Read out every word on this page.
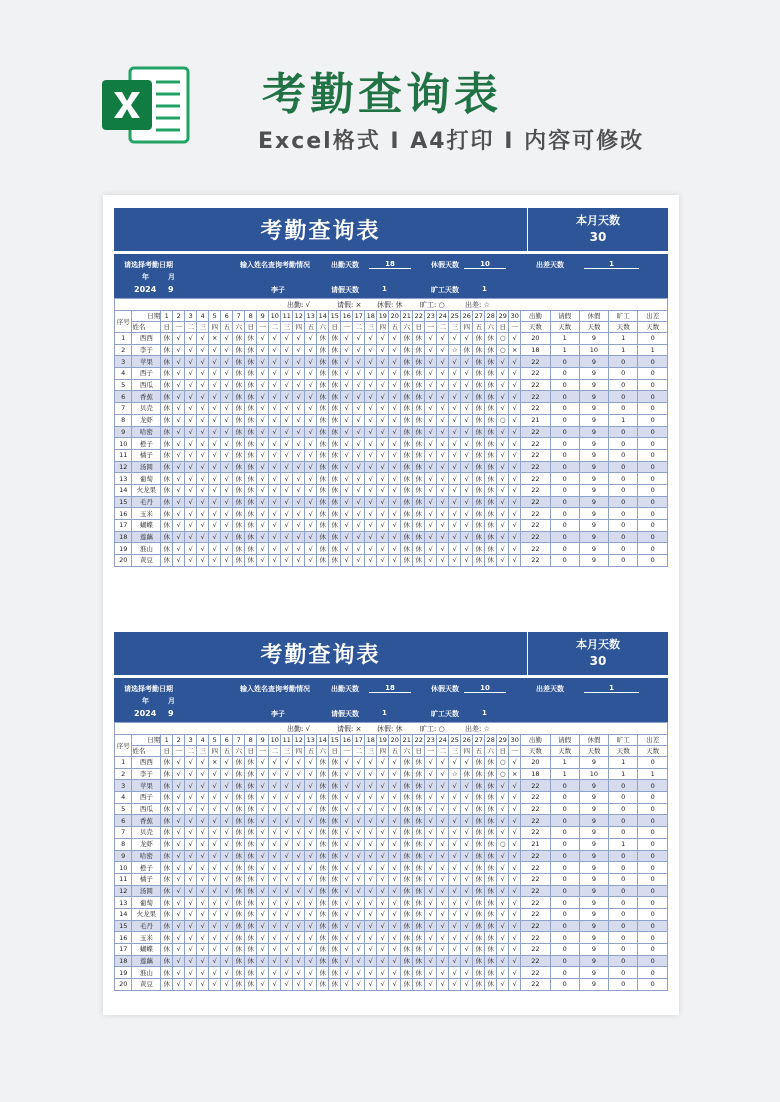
考勤查询表
Excel格式 I A4打印 I 内容可修改
考勤查询表	本月天数
30
请选择考勤日期
年	月
2024 9
输入姓名查询考勤情况
李子
出勤天数	18	休假天数	10	出差天数	1
请假天数	1	旷工天数	1
出勤: √	请假: × 休假: 休 旷工: ○	出差: ☆
序号	日期	1	2	3	4	5	6	7	8	9	10	11	12	13	14	15	16	17	18	19	20	21	22	23	24	25	26	27	28	29	30	出勤	请假	休假	旷工	出差
	姓名	日	一	二	三	四	五	六	日	一	二	三	四	五	六	日	一	二	三	四	五	六	日	一	二	三	四	五	六	日	一	天数	天数	天数	天数	天数
1	西西	休	√	√	√	×	√	休	休	√	√	√	√	√	休	休	√	√	√	√	√	休	休	√	√	√	√	休	休	○	√	20	1	9	1	0
2	李子	休	√	√	√	√	√	休	休	√	√	√	√	√	休	休	√	√	√	√	√	休	休	√	√	☆	休	休	休	○	×	18	1	10	1	1
3	苹果	休	√	√	√	√	√	休	休	√	√	√	√	√	休	休	√	√	√	√	√	休	休	√	√	√	√	休	休	√	√	22	0	9	0	0
4	西子	休	√	√	√	√	√	休	休	√	√	√	√	√	休	休	√	√	√	√	√	休	休	√	√	√	√	休	休	√	√	22	0	9	0	0
5	西瓜	休	√	√	√	√	√	休	休	√	√	√	√	√	休	休	√	√	√	√	√	休	休	√	√	√	√	休	休	√	√	22	0	9	0	0
6	香蕉	休	√	√	√	√	√	休	休	√	√	√	√	√	休	休	√	√	√	√	√	休	休	√	√	√	√	休	休	√	√	22	0	9	0	0
7	贝壳	休	√	√	√	√	√	休	休	√	√	√	√	√	休	休	√	√	√	√	√	休	休	√	√	√	√	休	休	√	√	22	0	9	0	0
8	龙虾	休	√	√	√	√	√	休	休	√	√	√	√	√	休	休	√	√	√	√	√	休	休	√	√	√	√	休	休	○	√	21	0	9	1	0
9	哈密	休	√	√	√	√	√	休	休	√	√	√	√	√	休	休	√	√	√	√	√	休	休	√	√	√	√	休	休	√	√	22	0	9	0	0
10	橙子	休	√	√	√	√	√	休	休	√	√	√	√	√	休	休	√	√	√	√	√	休	休	√	√	√	√	休	休	√	√	22	0	9	0	0
11	橘子	休	√	√	√	√	√	休	休	√	√	√	√	√	休	休	√	√	√	√	√	休	休	√	√	√	√	休	休	√	√	22	0	9	0	0
12	汤圆	休	√	√	√	√	√	休	休	√	√	√	√	√	休	休	√	√	√	√	√	休	休	√	√	√	√	休	休	√	√	22	0	9	0	0
13	葡萄	休	√	√	√	√	√	休	休	√	√	√	√	√	休	休	√	√	√	√	√	休	休	√	√	√	√	休	休	√	√	22	0	9	0	0
14	火龙果	休	√	√	√	√	√	休	休	√	√	√	√	√	休	休	√	√	√	√	√	休	休	√	√	√	√	休	休	√	√	22	0	9	0	0
15	毛丹	休	√	√	√	√	√	休	休	√	√	√	√	√	休	休	√	√	√	√	√	休	休	√	√	√	√	休	休	√	√	22	0	9	0	0
16	玉米	休	√	√	√	√	√	休	休	√	√	√	√	√	休	休	√	√	√	√	√	休	休	√	√	√	√	休	休	√	√	22	0	9	0	0
17	蝴蝶	休	√	√	√	√	√	休	休	√	√	√	√	√	休	休	√	√	√	√	√	休	休	√	√	√	√	休	休	√	√	22	0	9	0	0
18	莲藕	休	√	√	√	√	√	休	休	√	√	√	√	√	休	休	√	√	√	√	√	休	休	√	√	√	√	休	休	√	√	22	0	9	0	0
19	淮山	休	√	√	√	√	√	休	休	√	√	√	√	√	休	休	√	√	√	√	√	休	休	√	√	√	√	休	休	√	√	22	0	9	0	0
20	黄豆	休	√	√	√	√	√	休	休	√	√	√	√	√	休	休	√	√	√	√	√	休	休	√	√	√	√	休	休	√	√	22	0	9	0	0
考勤查询表	本月天数
30
请选择考勤日期
年	月
2024 9
输入姓名查询考勤情况
李子
出勤天数	18	休假天数	10	出差天数	1
请假天数	1	旷工天数	1
出勤: √	请假: × 休假: 休 旷工: ○	出差: ☆
序号	日期	1	2	3	4	5	6	7	8	9	10	11	12	13	14	15	16	17	18	19	20	21	22	23	24	25	26	27	28	29	30	出勤	请假	休假	旷工	出差
	姓名	日	一	二	三	四	五	六	日	一	二	三	四	五	六	日	一	二	三	四	五	六	日	一	二	三	四	五	六	日	一	天数	天数	天数	天数	天数
1	西西	休	√	√	√	×	√	休	休	√	√	√	√	√	休	休	√	√	√	√	√	休	休	√	√	√	√	休	休	○	√	20	1	9	1	0
2	李子	休	√	√	√	√	√	休	休	√	√	√	√	√	休	休	√	√	√	√	√	休	休	√	√	☆	休	休	休	○	×	18	1	10	1	1
3	苹果	休	√	√	√	√	√	休	休	√	√	√	√	√	休	休	√	√	√	√	√	休	休	√	√	√	√	休	休	√	√	22	0	9	0	0
4	西子	休	√	√	√	√	√	休	休	√	√	√	√	√	休	休	√	√	√	√	√	休	休	√	√	√	√	休	休	√	√	22	0	9	0	0
5	西瓜	休	√	√	√	√	√	休	休	√	√	√	√	√	休	休	√	√	√	√	√	休	休	√	√	√	√	休	休	√	√	22	0	9	0	0
6	香蕉	休	√	√	√	√	√	休	休	√	√	√	√	√	休	休	√	√	√	√	√	休	休	√	√	√	√	休	休	√	√	22	0	9	0	0
7	贝壳	休	√	√	√	√	√	休	休	√	√	√	√	√	休	休	√	√	√	√	√	休	休	√	√	√	√	休	休	√	√	22	0	9	0	0
8	龙虾	休	√	√	√	√	√	休	休	√	√	√	√	√	休	休	√	√	√	√	√	休	休	√	√	√	√	休	休	○	√	21	0	9	1	0
9	哈密	休	√	√	√	√	√	休	休	√	√	√	√	√	休	休	√	√	√	√	√	休	休	√	√	√	√	休	休	√	√	22	0	9	0	0
10	橙子	休	√	√	√	√	√	休	休	√	√	√	√	√	休	休	√	√	√	√	√	休	休	√	√	√	√	休	休	√	√	22	0	9	0	0
11	橘子	休	√	√	√	√	√	休	休	√	√	√	√	√	休	休	√	√	√	√	√	休	休	√	√	√	√	休	休	√	√	22	0	9	0	0
12	汤圆	休	√	√	√	√	√	休	休	√	√	√	√	√	休	休	√	√	√	√	√	休	休	√	√	√	√	休	休	√	√	22	0	9	0	0
13	葡萄	休	√	√	√	√	√	休	休	√	√	√	√	√	休	休	√	√	√	√	√	休	休	√	√	√	√	休	休	√	√	22	0	9	0	0
14	火龙果	休	√	√	√	√	√	休	休	√	√	√	√	√	休	休	√	√	√	√	√	休	休	√	√	√	√	休	休	√	√	22	0	9	0	0
15	毛丹	休	√	√	√	√	√	休	休	√	√	√	√	√	休	休	√	√	√	√	√	休	休	√	√	√	√	休	休	√	√	22	0	9	0	0
16	玉米	休	√	√	√	√	√	休	休	√	√	√	√	√	休	休	√	√	√	√	√	休	休	√	√	√	√	休	休	√	√	22	0	9	0	0
17	蝴蝶	休	√	√	√	√	√	休	休	√	√	√	√	√	休	休	√	√	√	√	√	休	休	√	√	√	√	休	休	√	√	22	0	9	0	0
18	莲藕	休	√	√	√	√	√	休	休	√	√	√	√	√	休	休	√	√	√	√	√	休	休	√	√	√	√	休	休	√	√	22	0	9	0	0
19	淮山	休	√	√	√	√	√	休	休	√	√	√	√	√	休	休	√	√	√	√	√	休	休	√	√	√	√	休	休	√	√	22	0	9	0	0
20	黄豆	休	√	√	√	√	√	休	休	√	√	√	√	√	休	休	√	√	√	√	√	休	休	√	√	√	√	休	休	√	√	22	0	9	0	0
